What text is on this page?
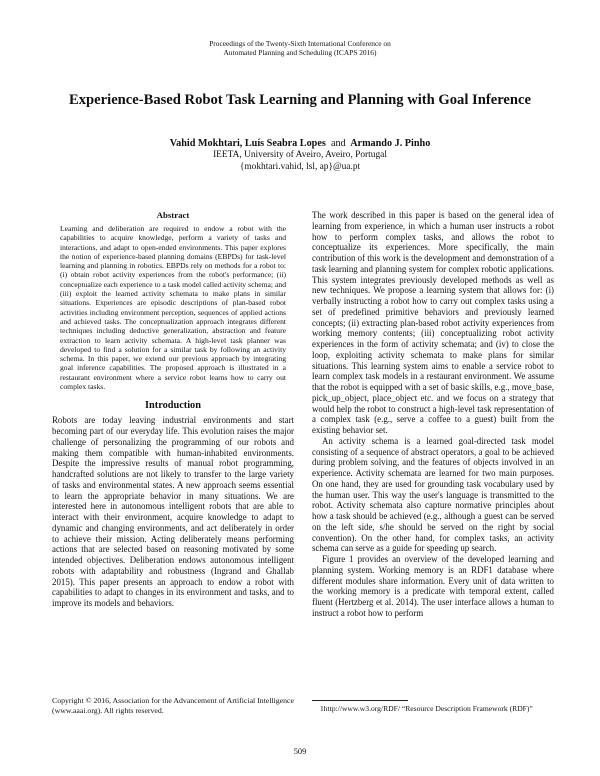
Proceedings of the Twenty-Sixth International Conference on
Automated Planning and Scheduling (ICAPS 2016)
Experience-Based Robot Task Learning and Planning with Goal Inference
Vahid Mokhtari, Luís Seabra Lopes and Armando J. Pinho
IEETA, University of Aveiro, Aveiro, Portugal
{mokhtari.vahid, lsl, ap}@ua.pt
Abstract

Learning and deliberation are required to endow a robot with the capabilities to acquire knowledge, perform a variety of tasks and interactions, and adapt to open-ended environments. This paper explores the notion of experience-based planning domains (EBPDs) for task-level learning and planning in robotics. EBPDs rely on methods for a robot to: (i) obtain robot activity experiences from the robot's performance; (ii) conceptualize each experience to a task model called activity schema; and (iii) exploit the learned activity schemata to make plans in similar situations. Experiences are episodic descriptions of plan-based robot activities including environment perception, sequences of applied actions and achieved tasks. The conceptualization approach integrates different techniques including deductive generalization, abstraction and feature extraction to learn activity schemata. A high-level task planner was developed to find a solution for a similar task by following an activity schema. In this paper, we extend our previous approach by integrating goal inference capabilities. The proposed approach is illustrated in a restaurant environment where a service robot learns how to carry out complex tasks.

Introduction

Robots are today leaving industrial environments and start becoming part of our everyday life. This evolution raises the major challenge of personalizing the programming of our robots and making them compatible with human-inhabited environments. Despite the impressive results of manual robot programming, handcrafted solutions are not likely to transfer to the large variety of tasks and environmental states. A new approach seems essential to learn the appropriate behavior in many situations. We are interested here in autonomous intelligent robots that are able to interact with their environment, acquire knowledge to adapt to dynamic and changing environments, and act deliberately in order to achieve their mission. Acting deliberately means performing actions that are selected based on reasoning motivated by some intended objectives. Deliberation endows autonomous intelligent robots with adaptability and robustness (Ingrand and Ghallab 2015). This paper presents an approach to endow a robot with capabilities to adapt to changes in its environment and tasks, and to improve its models and behaviors.

The work described in this paper is based on the general idea of learning from experience, in which a human user instructs a robot how to perform complex tasks, and allows the robot to conceptualize its experiences. More specifically, the main contribution of this work is the development and demonstration of a task learning and planning system for complex robotic applications. This system integrates previously developed methods as well as new techniques. We propose a learning system that allows for: (i) verbally instructing a robot how to carry out complex tasks using a set of predefined primitive behaviors and previously learned concepts; (ii) extracting plan-based robot activity experiences from working memory contents; (iii) conceptualizing robot activity experiences in the form of activity schemata; and (iv) to close the loop, exploiting activity schemata to make plans for similar situations. This learning system aims to enable a service robot to learn complex task models in a restaurant environment. We assume that the robot is equipped with a set of basic skills, e.g., move_base, pick_up_object, place_object etc. and we focus on a strategy that would help the robot to construct a high-level task representation of a complex task (e.g., serve a coffee to a guest) built from the existing behavior set.

An activity schema is a learned goal-directed task model consisting of a sequence of abstract operators, a goal to be achieved during problem solving, and the features of objects involved in an experience. Activity schemata are learned for two main purposes. On one hand, they are used for grounding task vocabulary used by the human user. This way the user's language is transmitted to the robot. Activity schemata also capture normative principles about how a task should be achieved (e.g., although a guest can be served on the left side, s/he should be served on the right by social convention). On the other hand, for complex tasks, an activity schema can serve as a guide for speeding up search.

Figure 1 provides an overview of the developed learning and planning system. Working memory is an RDF1 database where different modules share information. Every unit of data written to the working memory is a predicate with temporal extent, called fluent (Hertzberg et al. 2014). The user interface allows a human to instruct a robot how to perform

Copyright © 2016, Association for the Advancement of Artificial Intelligence (www.aaai.org). All rights reserved.	1http://www.w3.org/RDF/ “Resource Description Framework (RDF)”
509
